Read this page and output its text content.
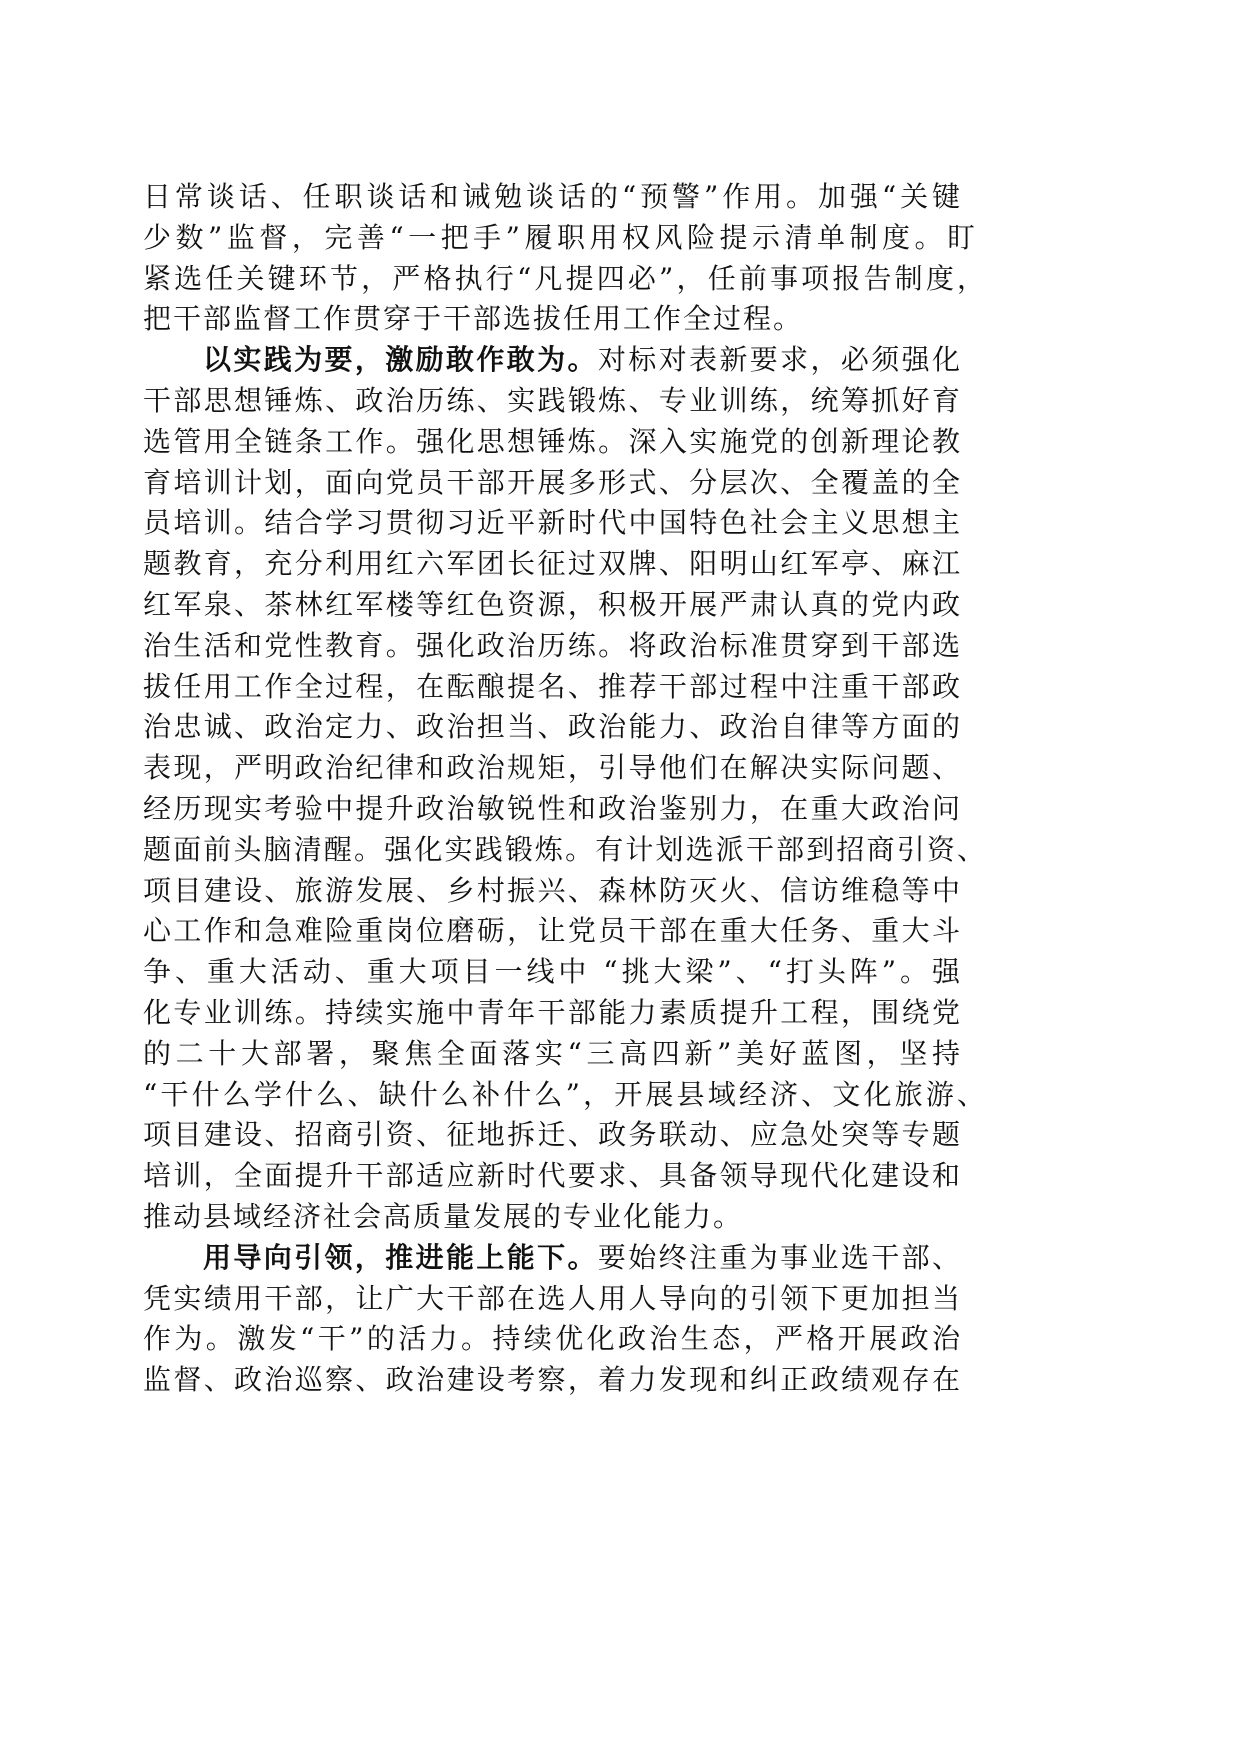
日常谈话、任职谈话和诫勉谈话的“预警”作用。加强“关键
少数”监督，完善“一把手”履职用权风险提示清单制度。盯
紧选任关键环节，严格执行“凡提四必”，任前事项报告制度，
把干部监督工作贯穿于干部选拔任用工作全过程。
以实践为要，激励敢作敢为。对标对表新要求，必须强化
干部思想锤炼、政治历练、实践锻炼、专业训练，统筹抓好育
选管用全链条工作。强化思想锤炼。深入实施党的创新理论教
育培训计划，面向党员干部开展多形式、分层次、全覆盖的全
员培训。结合学习贯彻习近平新时代中国特色社会主义思想主
题教育，充分利用红六军团长征过双牌、阳明山红军亭、麻江
红军泉、茶林红军楼等红色资源，积极开展严肃认真的党内政
治生活和党性教育。强化政治历练。将政治标准贯穿到干部选
拔任用工作全过程，在酝酿提名、推荐干部过程中注重干部政
治忠诚、政治定力、政治担当、政治能力、政治自律等方面的
表现，严明政治纪律和政治规矩，引导他们在解决实际问题、
经历现实考验中提升政治敏锐性和政治鉴别力，在重大政治问
题面前头脑清醒。强化实践锻炼。有计划选派干部到招商引资、
项目建设、旅游发展、乡村振兴、森林防灭火、信访维稳等中
心工作和急难险重岗位磨砺，让党员干部在重大任务、重大斗
争、重大活动、重大项目一线中 “挑大梁”、“打头阵”。强
化专业训练。持续实施中青年干部能力素质提升工程，围绕党
的二十大部署，聚焦全面落实“三高四新”美好蓝图，坚持
“干什么学什么、缺什么补什么”，开展县域经济、文化旅游、
项目建设、招商引资、征地拆迁、政务联动、应急处突等专题
培训，全面提升干部适应新时代要求、具备领导现代化建设和
推动县域经济社会高质量发展的专业化能力。
用导向引领，推进能上能下。要始终注重为事业选干部、
凭实绩用干部，让广大干部在选人用人导向的引领下更加担当
作为。激发“干”的活力。持续优化政治生态，严格开展政治
监督、政治巡察、政治建设考察，着力发现和纠正政绩观存在
